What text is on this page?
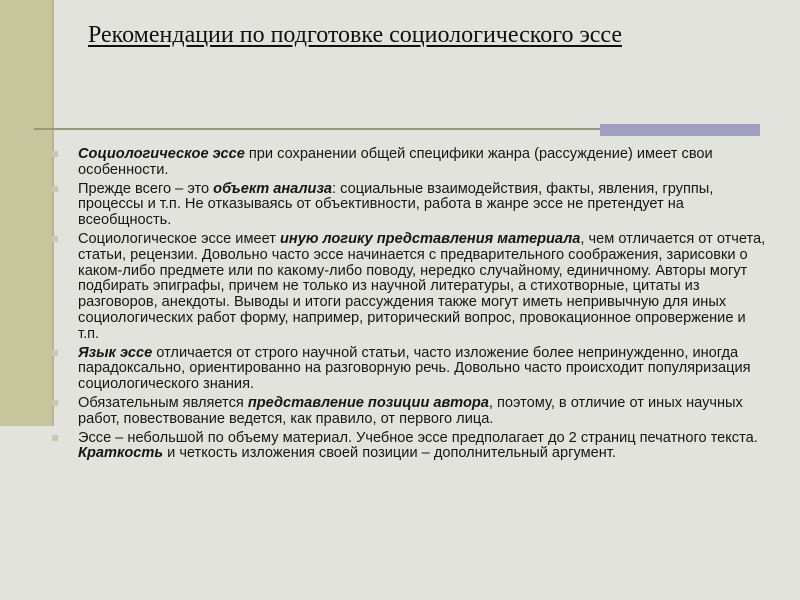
Рекомендации по подготовке социологического эссе
Социологическое эссе при сохранении общей специфики жанра (рассуждение) имеет свои особенности.
Прежде всего – это объект анализа: социальные взаимодействия, факты, явления, группы, процессы и т.п. Не отказываясь от объективности, работа в жанре эссе не претендует на всеобщность.
Социологическое эссе имеет иную логику представления материала, чем отличается от отчета, статьи, рецензии. Довольно часто эссе начинается с предварительного соображения, зарисовки о каком-либо предмете или по какому-либо поводу, нередко случайному, единичному. Авторы могут подбирать эпиграфы, причем не только из научной литературы, а стихотворные, цитаты из разговоров, анекдоты. Выводы и итоги рассуждения также могут иметь непривычную для иных социологических работ форму, например, риторический вопрос, провокационное опровержение и т.п.
Язык эссе отличается от строго научной статьи, часто изложение более непринужденно, иногда парадоксально, ориентированно на разговорную речь. Довольно часто происходит популяризация социологического знания.
Обязательным является представление позиции автора, поэтому, в отличие от иных научных работ, повествование ведется, как правило, от первого лица.
Эссе – небольшой по объему материал. Учебное эссе предполагает до 2 страниц печатного текста. Краткость и четкость изложения своей позиции – дополнительный аргумент.
